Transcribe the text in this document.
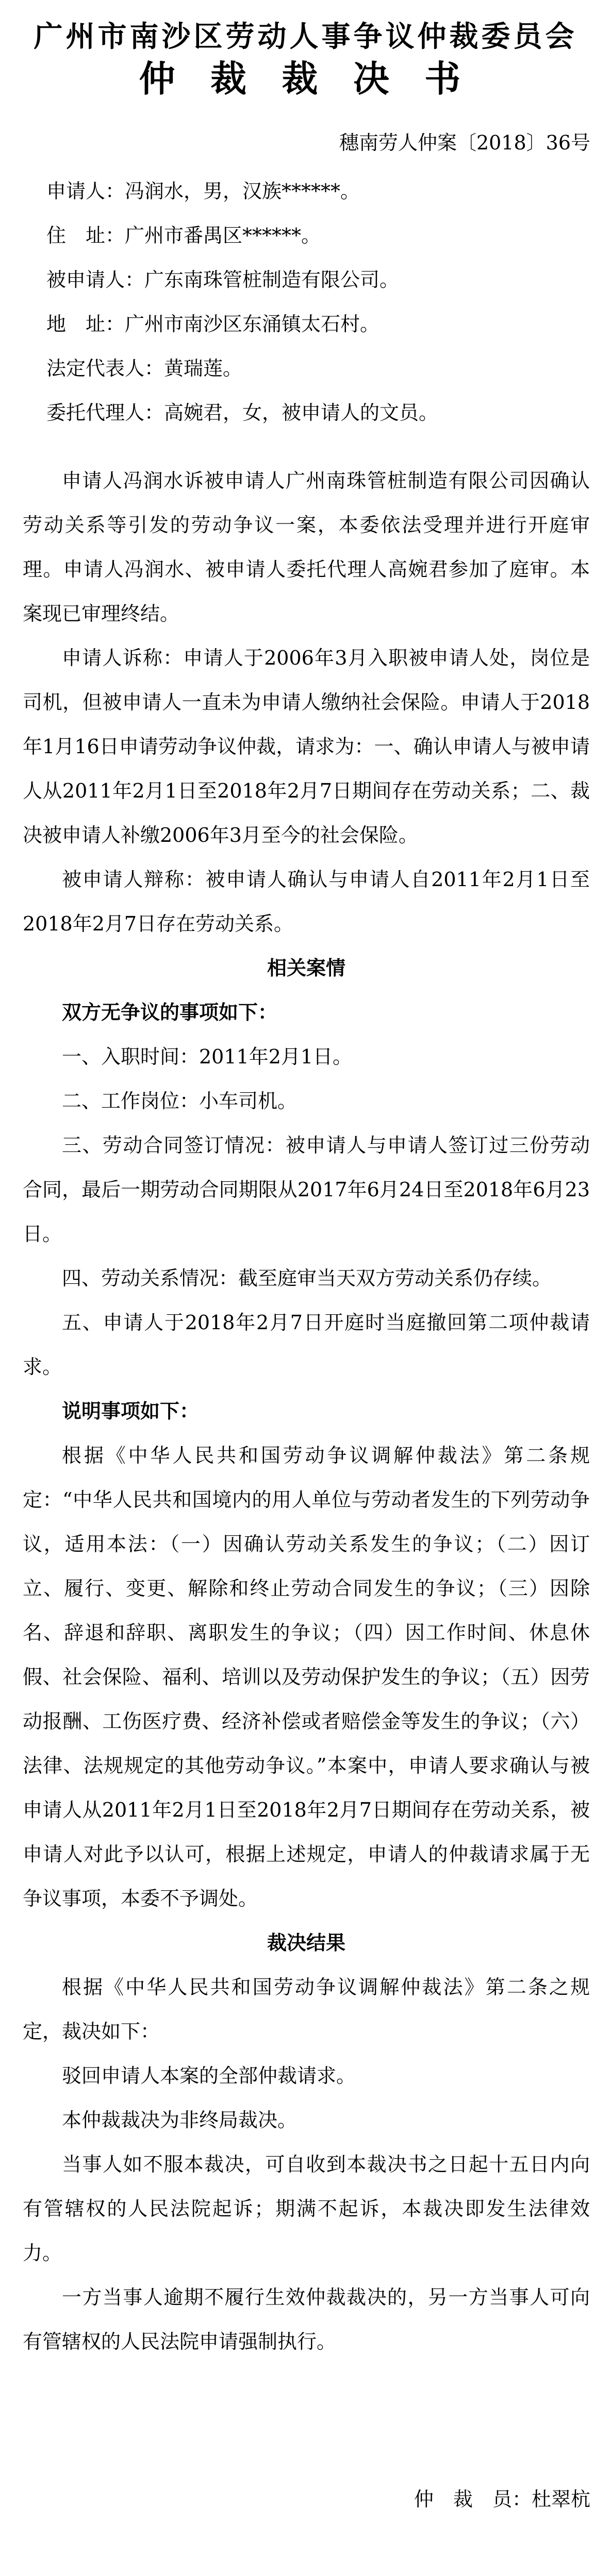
广州市南沙区劳动人事争议仲裁委员会
仲 裁 裁 决 书
穗南劳人仲案〔2018〕36号
申请人：冯润水，男，汉族******。
住　址：广州市番禺区******。
被申请人：广东南珠管桩制造有限公司。
地　址：广州市南沙区东涌镇太石村。
法定代表人：黄瑞莲。
委托代理人：高婉君，女，被申请人的文员。

申请人冯润水诉被申请人广州南珠管桩制造有限公司因确认劳动关系等引发的劳动争议一案，本委依法受理并进行开庭审理。申请人冯润水、被申请人委托代理人高婉君参加了庭审。本案现已审理终结。

申请人诉称：申请人于2006年3月入职被申请人处，岗位是司机，但被申请人一直未为申请人缴纳社会保险。申请人于2018年1月16日申请劳动争议仲裁，请求为：一、确认申请人与被申请人从2011年2月1日至2018年2月7日期间存在劳动关系；二、裁决被申请人补缴2006年3月至今的社会保险。

被申请人辩称：被申请人确认与申请人自2011年2月1日至2018年2月7日存在劳动关系。

相关案情

双方无争议的事项如下：

一、入职时间：2011年2月1日。

二、工作岗位：小车司机。

三、劳动合同签订情况：被申请人与申请人签订过三份劳动合同，最后一期劳动合同期限从2017年6月24日至2018年6月23日。

四、劳动关系情况：截至庭审当天双方劳动关系仍存续。

五、申请人于2018年2月7日开庭时当庭撤回第二项仲裁请求。

说明事项如下：

根据《中华人民共和国劳动争议调解仲裁法》第二条规定：“中华人民共和国境内的用人单位与劳动者发生的下列劳动争议，适用本法：（一）因确认劳动关系发生的争议；（二）因订立、履行、变更、解除和终止劳动合同发生的争议；（三）因除名、辞退和辞职、离职发生的争议；（四）因工作时间、休息休假、社会保险、福利、培训以及劳动保护发生的争议；（五）因劳动报酬、工伤医疗费、经济补偿或者赔偿金等发生的争议；（六）法律、法规规定的其他劳动争议。”本案中，申请人要求确认与被申请人从2011年2月1日至2018年2月7日期间存在劳动关系，被申请人对此予以认可，根据上述规定，申请人的仲裁请求属于无争议事项，本委不予调处。

裁决结果

根据《中华人民共和国劳动争议调解仲裁法》第二条之规定，裁决如下：

驳回申请人本案的全部仲裁请求。

本仲裁裁决为非终局裁决。

当事人如不服本裁决，可自收到本裁决书之日起十五日内向有管辖权的人民法院起诉；期满不起诉，本裁决即发生法律效力。

一方当事人逾期不履行生效仲裁裁决的，另一方当事人可向有管辖权的人民法院申请强制执行。

仲　裁　员：杜翠杭
